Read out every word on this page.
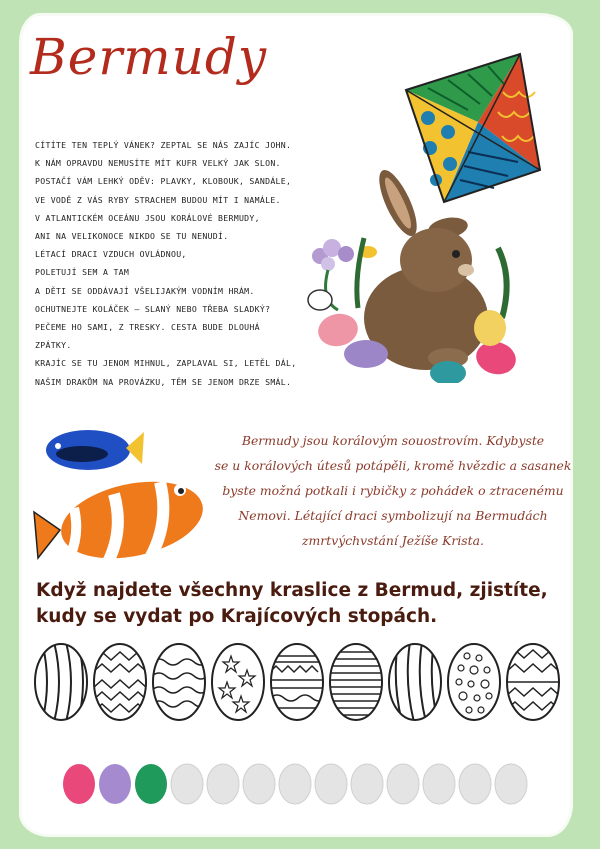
Bermudy
CÍTÍTE TEN TEPLÝ VÁNEK? ZEPTAL SE NÁS ZAJÍC JOHN.
K NÁM OPRAVDU NEMUSÍTE MÍT KUFR VELKÝ JAK SLON.
POSTAČÍ VÁM LEHKÝ ODĚV: PLAVKY, KLOBOUK, SANDÁLE,
VE VODĚ Z VÁS RYBY STRACHEM BUDOU MÍT I NAMÁLE.
V ATLANTICKÉM OCEÁNU JSOU KORÁLOVÉ BERMUDY,
ANI NA VELIKONOCE NIKDO SE TU NENUDÍ.
LÉTACÍ DRACI VZDUCH OVLÁDNOU,
POLETUJÍ SEM A TAM
A DĚTI SE ODDÁVAJÍ VŠELIJAKÝM VODNÍM HRÁM.
OCHUTNEJTE KOLÁČEK – SLANÝ NEBO TŘEBA SLADKÝ?
PEČEME HO SAMI, Z TRESKY. CESTA BUDE DLOUHÁ
ZPÁTKY.
KRAJÍC SE TU JENOM MIHNUL, ZAPLAVAL SI, LETĚL DÁL,
NAŠIM DRAKŮM NA PROVÁZKU, TĚM SE JENOM DRZE SMÁL.
Bermudy jsou korálovým souostrovím. Kdybyste
se u korálových útesů potápěli, kromě hvězdic a sasanek
byste možná potkali i rybičky z pohádek o ztracenému
Nemovi. Létající draci symbolizují na Bermudách
zmrtvýchvstání Ježíše Krista.
Když najdete všechny kraslice z Bermud, zjistíte,
kudy se vydat po Krajícových stopách.
